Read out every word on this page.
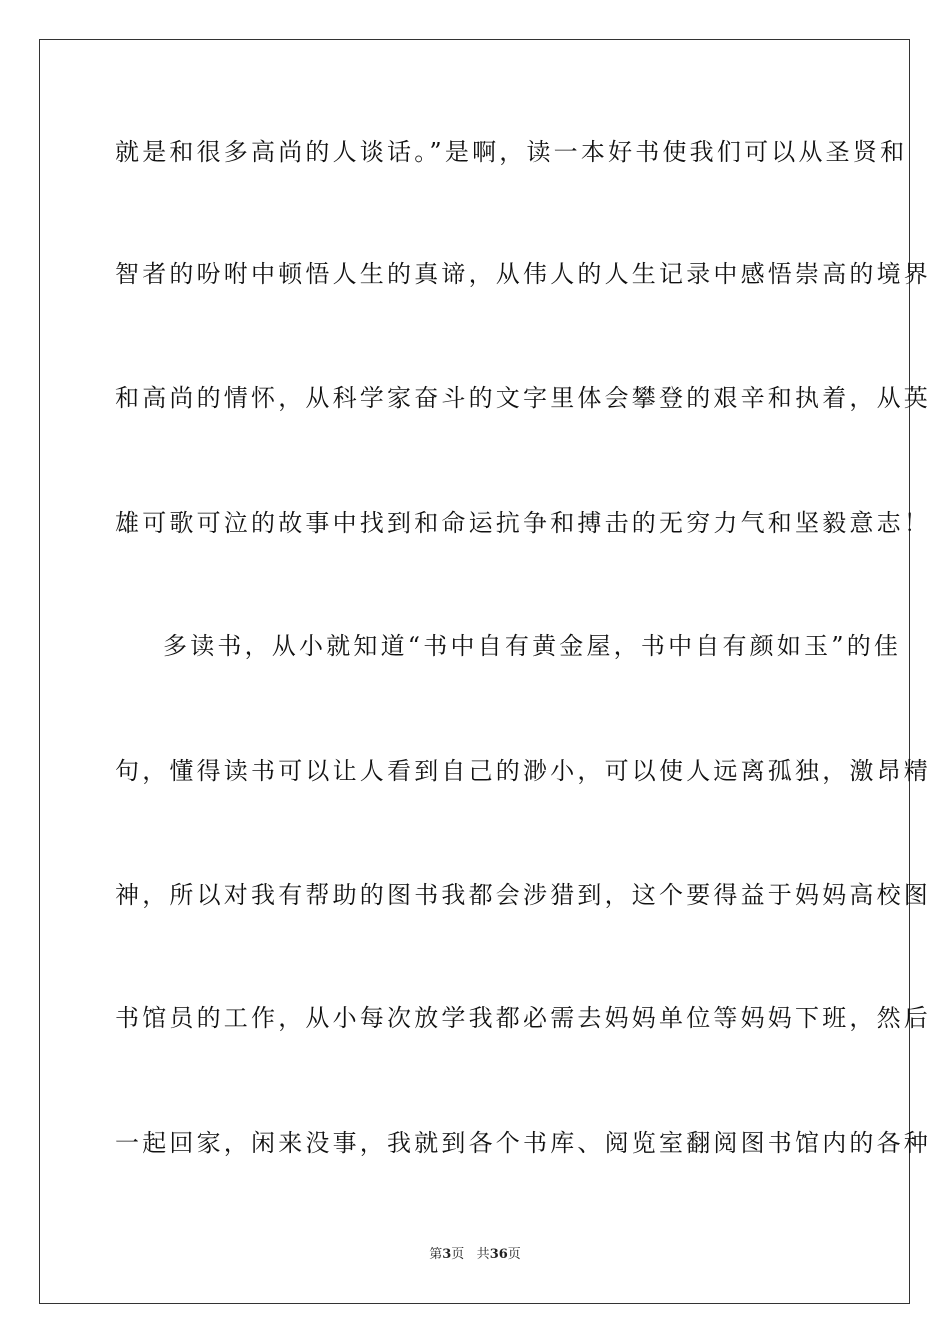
就是和很多高尚的人谈话。”是啊，读一本好书使我们可以从圣贤和
智者的吩咐中顿悟人生的真谛，从伟人的人生记录中感悟崇高的境界
和高尚的情怀，从科学家奋斗的文字里体会攀登的艰辛和执着，从英
雄可歌可泣的故事中找到和命运抗争和搏击的无穷力气和坚毅意志！
多读书，从小就知道“书中自有黄金屋，书中自有颜如玉”的佳
句，懂得读书可以让人看到自己的渺小，可以使人远离孤独，激昂精
神，所以对我有帮助的图书我都会涉猎到，这个要得益于妈妈高校图
书馆员的工作，从小每次放学我都必需去妈妈单位等妈妈下班，然后
一起回家，闲来没事，我就到各个书库、阅览室翻阅图书馆内的各种
第3页 共36页
